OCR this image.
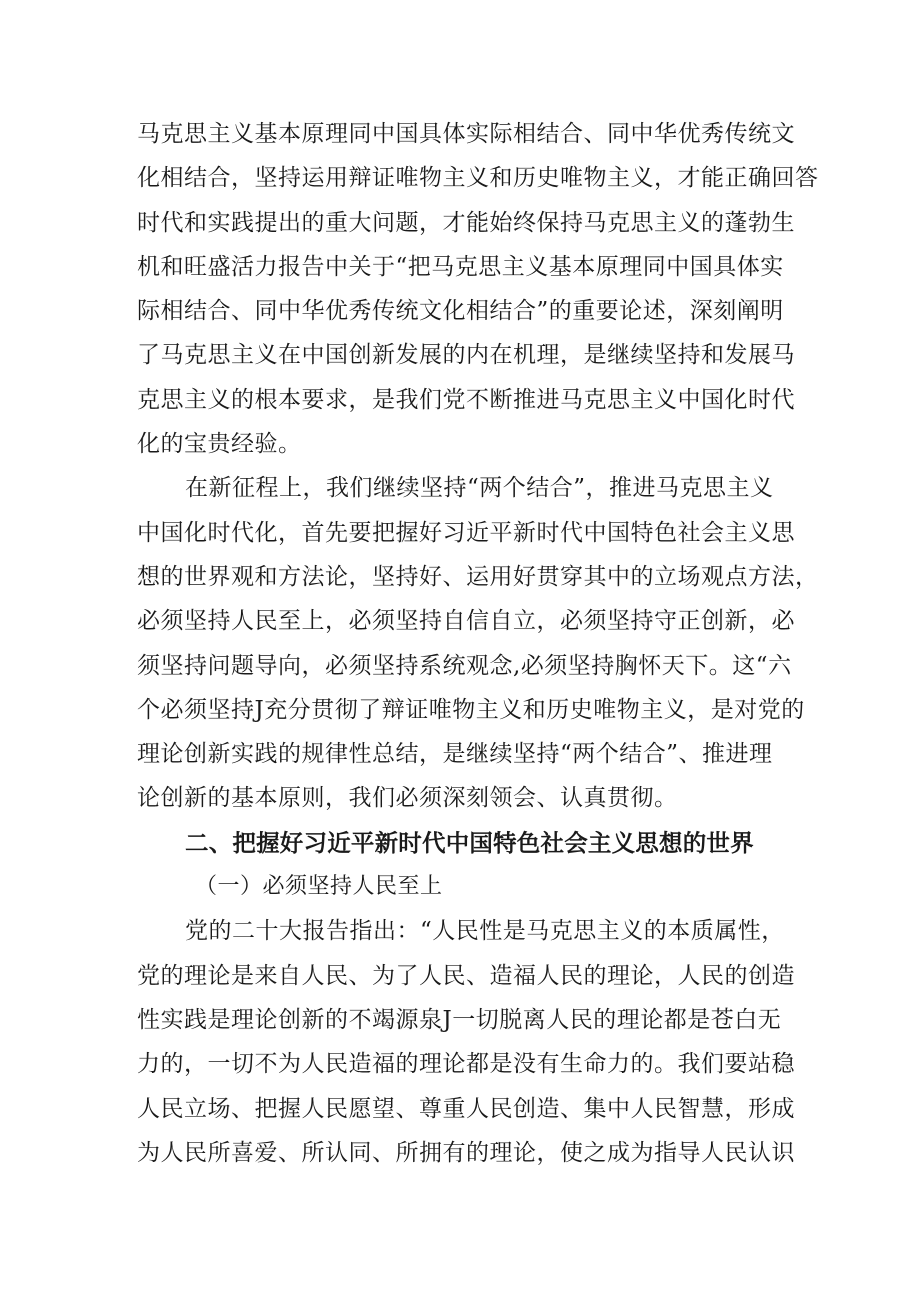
马克思主义基本原理同中国具体实际相结合、同中华优秀传统文
化相结合，坚持运用辩证唯物主义和历史唯物主义，才能正确回答
时代和实践提出的重大问题，才能始终保持马克思主义的蓬勃生
机和旺盛活力报告中关于“把马克思主义基本原理同中国具体实
际相结合、同中华优秀传统文化相结合”的重要论述，深刻阐明
了马克思主义在中国创新发展的内在机理，是继续坚持和发展马
克思主义的根本要求，是我们党不断推进马克思主义中国化时代
化的宝贵经验。
在新征程上，我们继续坚持“两个结合”，推进马克思主义
中国化时代化，首先要把握好习近平新时代中国特色社会主义思
想的世界观和方法论，坚持好、运用好贯穿其中的立场观点方法，
必须坚持人民至上，必须坚持自信自立，必须坚持守正创新，必
须坚持问题导向，必须坚持系统观念,必须坚持胸怀天下。这“六
个必须坚持J充分贯彻了辩证唯物主义和历史唯物主义，是对党的
理论创新实践的规律性总结，是继续坚持“两个结合”、推进理
论创新的基本原则，我们必须深刻领会、认真贯彻。
二、把握好习近平新时代中国特色社会主义思想的世界
（一）必须坚持人民至上
党的二十大报告指出：“人民性是马克思主义的本质属性，
党的理论是来自人民、为了人民、造福人民的理论，人民的创造
性实践是理论创新的不竭源泉J一切脱离人民的理论都是苍白无
力的，一切不为人民造福的理论都是没有生命力的。我们要站稳
人民立场、把握人民愿望、尊重人民创造、集中人民智慧，形成
为人民所喜爱、所认同、所拥有的理论，使之成为指导人民认识
